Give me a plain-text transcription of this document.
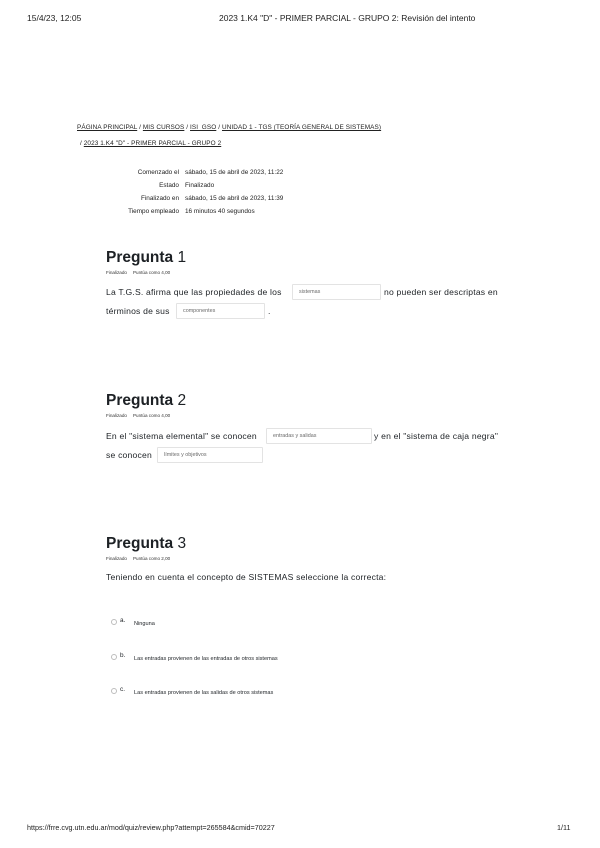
15/4/23, 12:05	2023 1.K4 "D" - PRIMER PARCIAL - GRUPO 2: Revisión del intento
PÁGINA PRINCIPAL / MIS CURSOS / ISI_GSO / UNIDAD 1 - TGS (TEORÍA GENERAL DE SISTEMAS)
/ 2023 1.K4 "D" - PRIMER PARCIAL - GRUPO 2
Comenzado el sábado, 15 de abril de 2023, 11:22
Estado Finalizado
Finalizado en sábado, 15 de abril de 2023, 11:39
Tiempo empleado 16 minutos 40 segundos
Pregunta 1
Finalizado Puntúa como 4,00
La T.G.S. afirma que las propiedades de los
sistemas	no pueden ser descriptas en
términos de sus
componentes	.
Pregunta 2
Finalizado Puntúa como 4,00
En el "sistema elemental" se conocen
entradas y salidas	y en el "sistema de caja negra"
se conocen
límites y objetivos
Pregunta 3
Finalizado Puntúa como 2,00
Teniendo en cuenta el concepto de SISTEMAS seleccione la correcta:
a. Ninguna
b. Las entradas provienen de las entradas de otros sistemas
c. Las entradas provienen de las salidas de otros sistemas
https://frre.cvg.utn.edu.ar/mod/quiz/review.php?attempt=265584&cmid=70227	1/11
